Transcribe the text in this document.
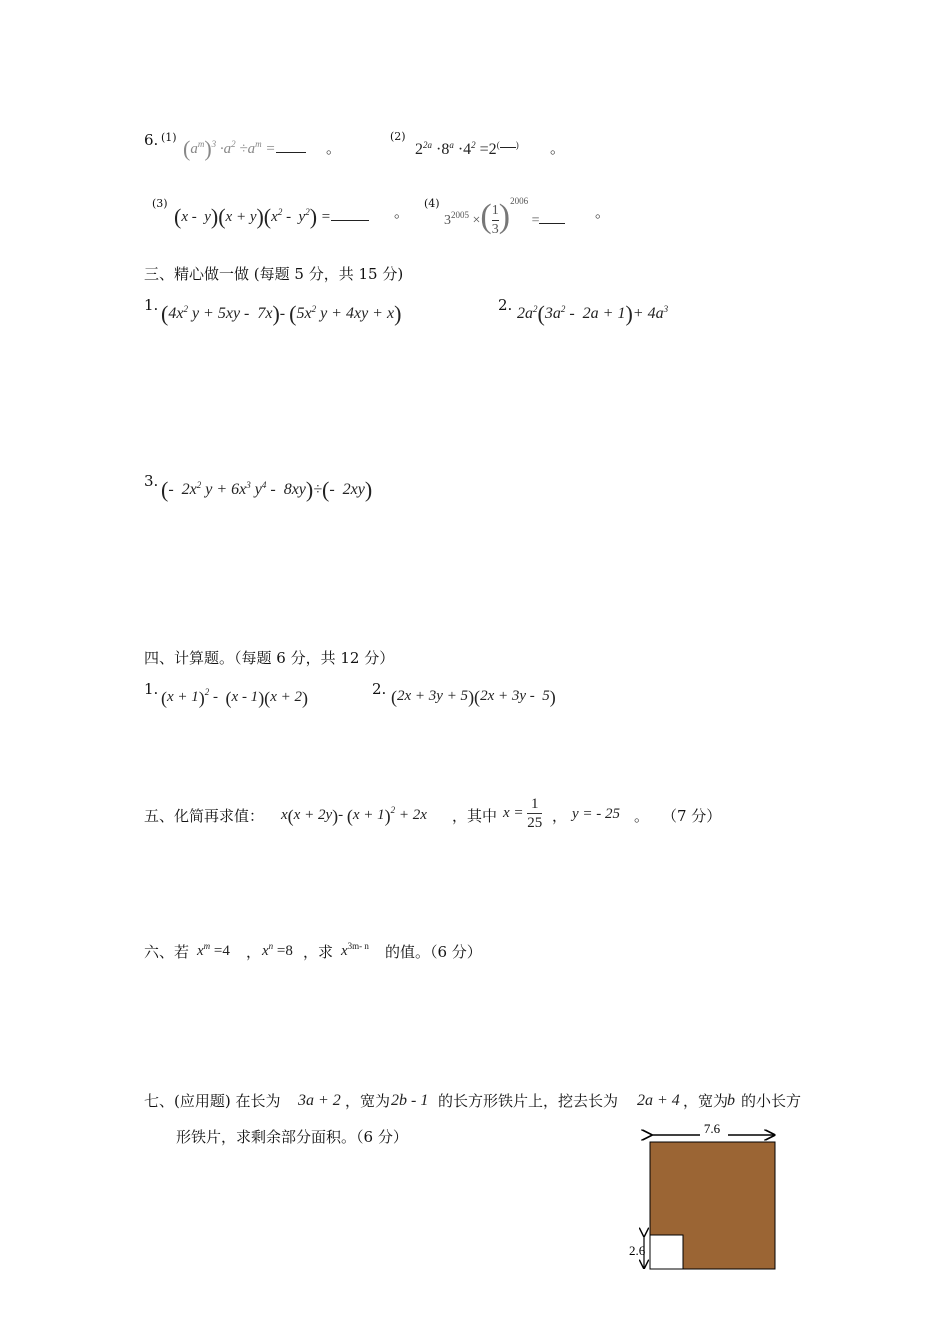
6. (1) $(a^m)^3 \cdot a^2 \div a^m$ =	。
(2)
$2^{2a} \cdot 8^a \cdot 4^2 =2^{( )}$ 。
(3)
$(x - y)(x + y)(x^2 - y^2)$ =	。 (4)
$3^{2005}$ ×( $\frac{1}{3} )^{2006}$ =	。
三、精心做一做 (每题 5 分，共 15 分)
1. ($4x^2$ y + 5xy -  7x)- ($5x^2$ y + 4xy + x)	2. $2a^2(3a^2 - 2a + 1)+ 4a^3$
3. (-  $2x^2$ $y + 6x^3$ $y^4 - 8xy)\div(-$  2xy)
四、计算题。（每题 6 分，共 12 分）
1. $(x + 1)^2 - (x - 1)(x + 2)$	2. (2x + 3y + 5)(2x + 3y -  5)
五、化简再求值： x(x + 2y)- $(x + 1)^2 + 2x$ ，其中 $x = \frac{1}{25}$ ， y = - 25 。 （7 分）
六、若 $x^m =4$ ， $x^n =8$ ，求 $x^{3m- n}$ 的值。（6 分）
七、(应用题) 在长为 3a + 2 ，宽为 2b - 1 的长方形铁片上，挖去长为 2a + 4 ，宽为
b 的小长方
形铁片，求剩余部分面积。（6 分）	7.6
2.6
